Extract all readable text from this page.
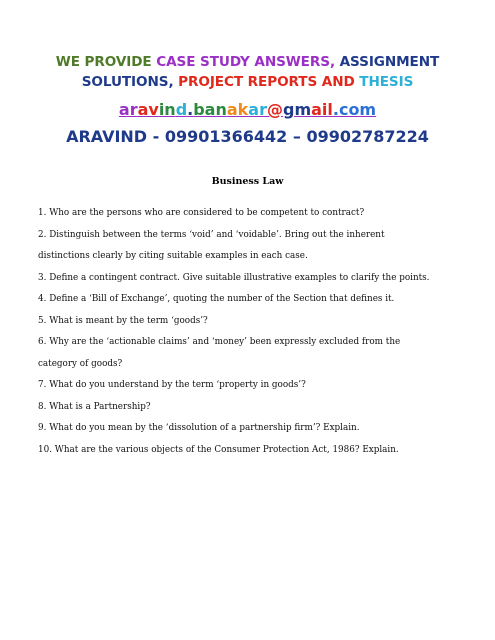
WE PROVIDE CASE STUDY ANSWERS, ASSIGNMENT
SOLUTIONS, PROJECT REPORTS AND THESIS
aravind.banakar@gmail.com
ARAVIND - 09901366442 – 09902787224
Business Law
1. Who are the persons who are considered to be competent to contract?
2. Distinguish between the terms ‘void’ and ‘voidable’. Bring out the inherent
distinctions clearly by citing suitable examples in each case.
3. Define a contingent contract. Give suitable illustrative examples to clarify the points.
4. Define a ‘Bill of Exchange’, quoting the number of the Section that defines it.
5. What is meant by the term ‘goods’?
6. Why are the ‘actionable claims’ and ‘money’ been expressly excluded from the
category of goods?
7. What do you understand by the term ‘property in goods’?
8. What is a Partnership?
9. What do you mean by the ‘dissolution of a partnership firm’? Explain.
10. What are the various objects of the Consumer Protection Act, 1986? Explain.
